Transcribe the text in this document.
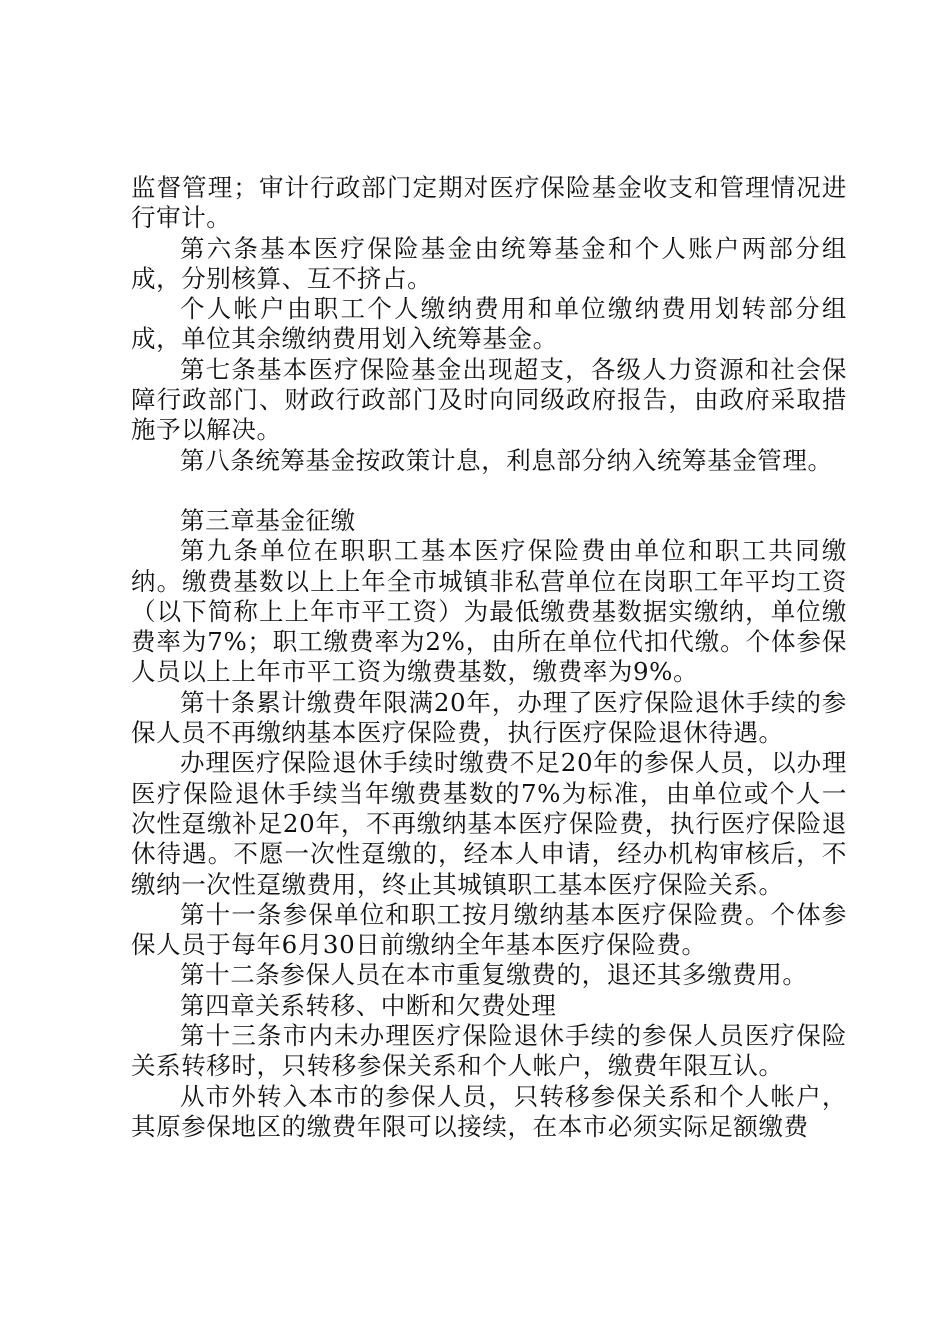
监督管理；审计行政部门定期对医疗保险基金收支和管理情况进行审计。

第六条基本医疗保险基金由统筹基金和个人账户两部分组成，分别核算、互不挤占。

个人帐户由职工个人缴纳费用和单位缴纳费用划转部分组成，单位其余缴纳费用划入统筹基金。

第七条基本医疗保险基金出现超支，各级人力资源和社会保障行政部门、财政行政部门及时向同级政府报告，由政府采取措施予以解决。

第八条统筹基金按政策计息，利息部分纳入统筹基金管理。

第三章基金征缴

第九条单位在职职工基本医疗保险费由单位和职工共同缴纳。缴费基数以上上年全市城镇非私营单位在岗职工年平均工资（以下简称上上年市平工资）为最低缴费基数据实缴纳，单位缴费率为7%；职工缴费率为2%，由所在单位代扣代缴。个体参保人员以上上年市平工资为缴费基数，缴费率为9%。

第十条累计缴费年限满20年，办理了医疗保险退休手续的参保人员不再缴纳基本医疗保险费，执行医疗保险退休待遇。

办理医疗保险退休手续时缴费不足20年的参保人员，以办理医疗保险退休手续当年缴费基数的7%为标准，由单位或个人一次性趸缴补足20年，不再缴纳基本医疗保险费，执行医疗保险退休待遇。不愿一次性趸缴的，经本人申请，经办机构审核后，不缴纳一次性趸缴费用，终止其城镇职工基本医疗保险关系。

第十一条参保单位和职工按月缴纳基本医疗保险费。个体参保人员于每年6月30日前缴纳全年基本医疗保险费。

第十二条参保人员在本市重复缴费的，退还其多缴费用。

第四章关系转移、中断和欠费处理

第十三条市内未办理医疗保险退休手续的参保人员医疗保险关系转移时，只转移参保关系和个人帐户，缴费年限互认。

从市外转入本市的参保人员，只转移参保关系和个人帐户，其原参保地区的缴费年限可以接续，在本市必须实际足额缴费
